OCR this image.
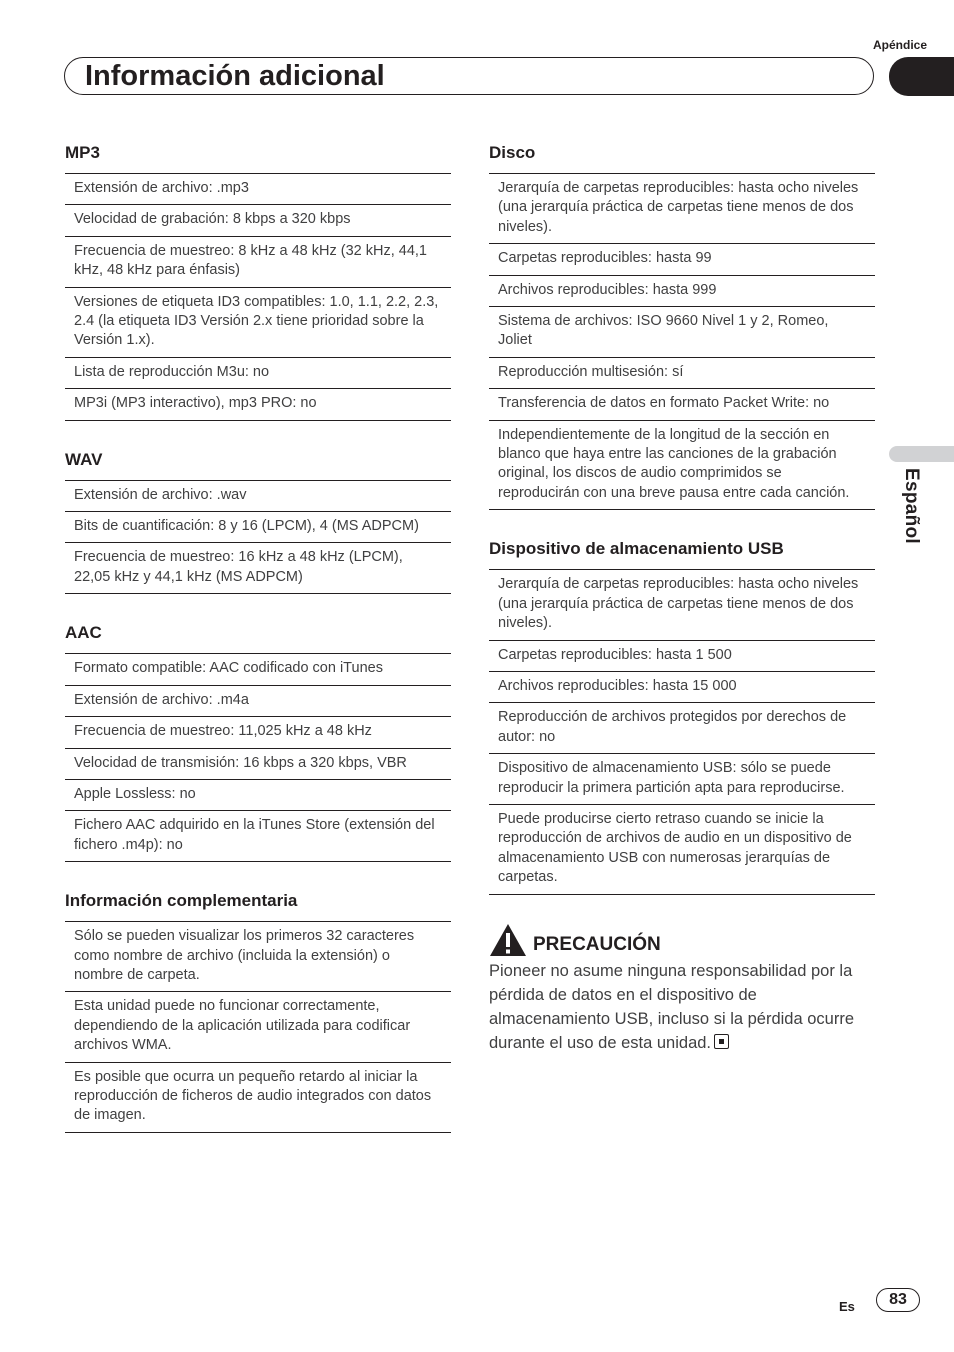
Apéndice
Información adicional
Español
MP3
Extensión de archivo: .mp3
Velocidad de grabación: 8 kbps a 320 kbps
Frecuencia de muestreo: 8 kHz a 48 kHz (32 kHz, 44,1 kHz, 48 kHz para énfasis)
Versiones de etiqueta ID3 compatibles: 1.0, 1.1, 2.2, 2.3, 2.4 (la etiqueta ID3 Versión 2.x tiene prioridad sobre la Versión 1.x).
Lista de reproducción M3u: no
MP3i (MP3 interactivo), mp3 PRO: no
WAV
Extensión de archivo: .wav
Bits de cuantificación: 8 y 16 (LPCM), 4 (MS ADPCM)
Frecuencia de muestreo: 16 kHz a 48 kHz (LPCM), 22,05 kHz y 44,1 kHz (MS ADPCM)
AAC
Formato compatible: AAC codificado con iTunes
Extensión de archivo: .m4a
Frecuencia de muestreo: 11,025 kHz a 48 kHz
Velocidad de transmisión: 16 kbps a 320 kbps, VBR
Apple Lossless: no
Fichero AAC adquirido en la iTunes Store (extensión del fichero .m4p): no
Información complementaria
Sólo se pueden visualizar los primeros 32 caracteres como nombre de archivo (incluida la extensión) o nombre de carpeta.
Esta unidad puede no funcionar correctamente, dependiendo de la aplicación utilizada para codificar archivos WMA.
Es posible que ocurra un pequeño retardo al iniciar la reproducción de ficheros de audio integrados con datos de imagen.
Disco
Jerarquía de carpetas reproducibles: hasta ocho niveles (una jerarquía práctica de carpetas tiene menos de dos niveles).
Carpetas reproducibles: hasta 99
Archivos reproducibles: hasta 999
Sistema de archivos: ISO 9660 Nivel 1 y 2, Romeo, Joliet
Reproducción multisesión: sí
Transferencia de datos en formato Packet Write: no
Independientemente de la longitud de la sección en blanco que haya entre las canciones de la grabación original, los discos de audio comprimidos se reproducirán con una breve pausa entre cada canción.
Dispositivo de almacenamiento USB
Jerarquía de carpetas reproducibles: hasta ocho niveles (una jerarquía práctica de carpetas tiene menos de dos niveles).
Carpetas reproducibles: hasta 1 500
Archivos reproducibles: hasta 15 000
Reproducción de archivos protegidos por derechos de autor: no
Dispositivo de almacenamiento USB: sólo se puede reproducir la primera partición apta para reproducirse.
Puede producirse cierto retraso cuando se inicie la reproducción de archivos de audio en un dispositivo de almacenamiento USB con numerosas jerarquías de carpetas.
PRECAUCIÓN

Pioneer no asume ninguna responsabilidad por la pérdida de datos en el dispositivo de almacenamiento USB, incluso si la pérdida ocurre durante el uso de esta unidad.

Es	83
